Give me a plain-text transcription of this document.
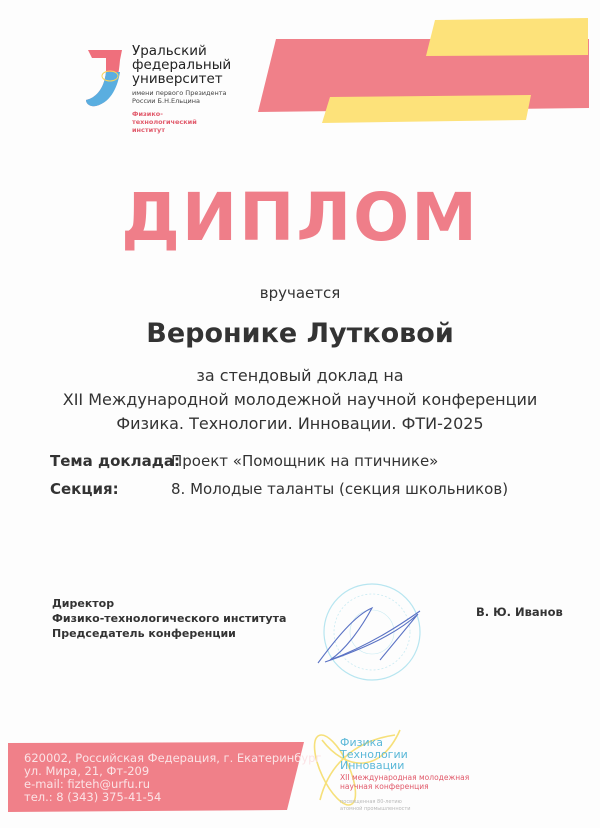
Уральский
федеральный
университет
имени первого Президента
России Б.Н.Ельцина
Физико-
технологический
институт
ДИПЛОМ
вручается
Веронике Лутковой
за стендовый доклад на
XII Международной молодежной научной конференции
Физика. Технологии. Инновации. ФТИ-2025
Тема доклада:
Проект «Помощник на птичнике»
Секция:	8. Молодые таланты (секция школьников)
Директор
Физико-технологического института
Председатель конференции
В. Ю. Иванов
620002, Российская Федерация, г. Екатеринбург
ул. Мира, 21, Фт-209
e-mail: fizteh@urfu.ru
тел.: 8 (343) 375-41-54
Физика
Технологии
Инновации
XII международная молодежная
научная конференция
посвященная 80-летию
атомной промышленности
